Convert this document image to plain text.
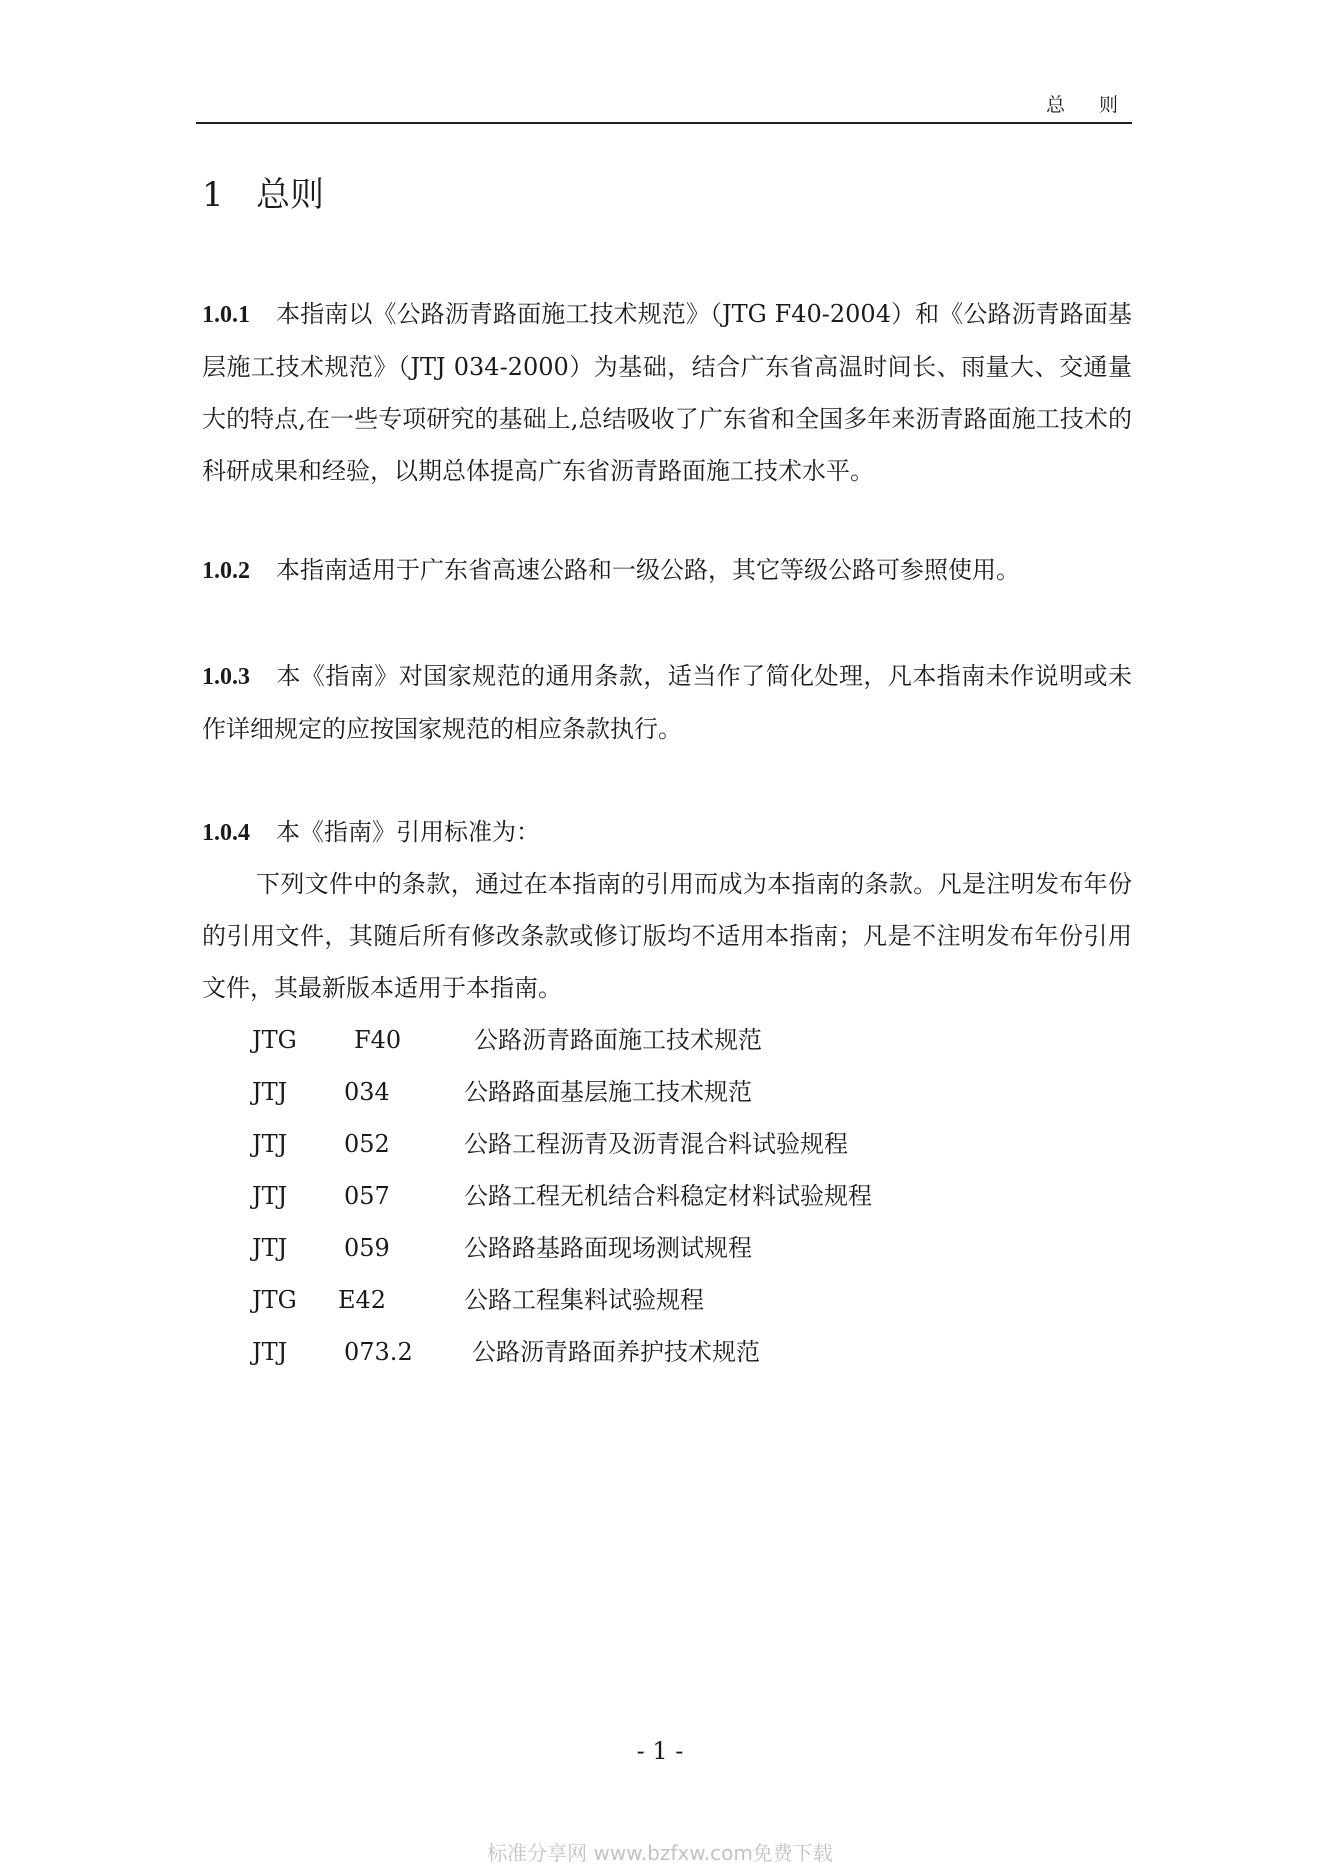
总 则
1 总则
1.0.1 本指南以《公路沥青路面施工技术规范》（JTG F40-2004）和《公路沥青路面基层施工技术规范》（JTJ 034-2000）为基础，结合广东省高温时间长、雨量大、交通量大的特点,在一些专项研究的基础上,总结吸收了广东省和全国多年来沥青路面施工技术的科研成果和经验，以期总体提高广东省沥青路面施工技术水平。
1.0.2 本指南适用于广东省高速公路和一级公路，其它等级公路可参照使用。
1.0.3 本《指南》对国家规范的通用条款，适当作了简化处理，凡本指南未作说明或未作详细规定的应按国家规范的相应条款执行。
1.0.4 本《指南》引用标准为：
下列文件中的条款，通过在本指南的引用而成为本指南的条款。凡是注明发布年份的引用文件，其随后所有修改条款或修订版均不适用本指南；凡是不注明发布年份引用文件，其最新版本适用于本指南。
JTG F40	公路沥青路面施工技术规范
JTJ 034	公路路面基层施工技术规范
JTJ 052	公路工程沥青及沥青混合料试验规程
JTJ 057	公路工程无机结合料稳定材料试验规程
JTJ 059	公路路基路面现场测试规程
JTG E42	公路工程集料试验规程
JTJ 073.2 公路沥青路面养护技术规范
- 1 -
标准分享网 www.bzfxw.com免费下载
